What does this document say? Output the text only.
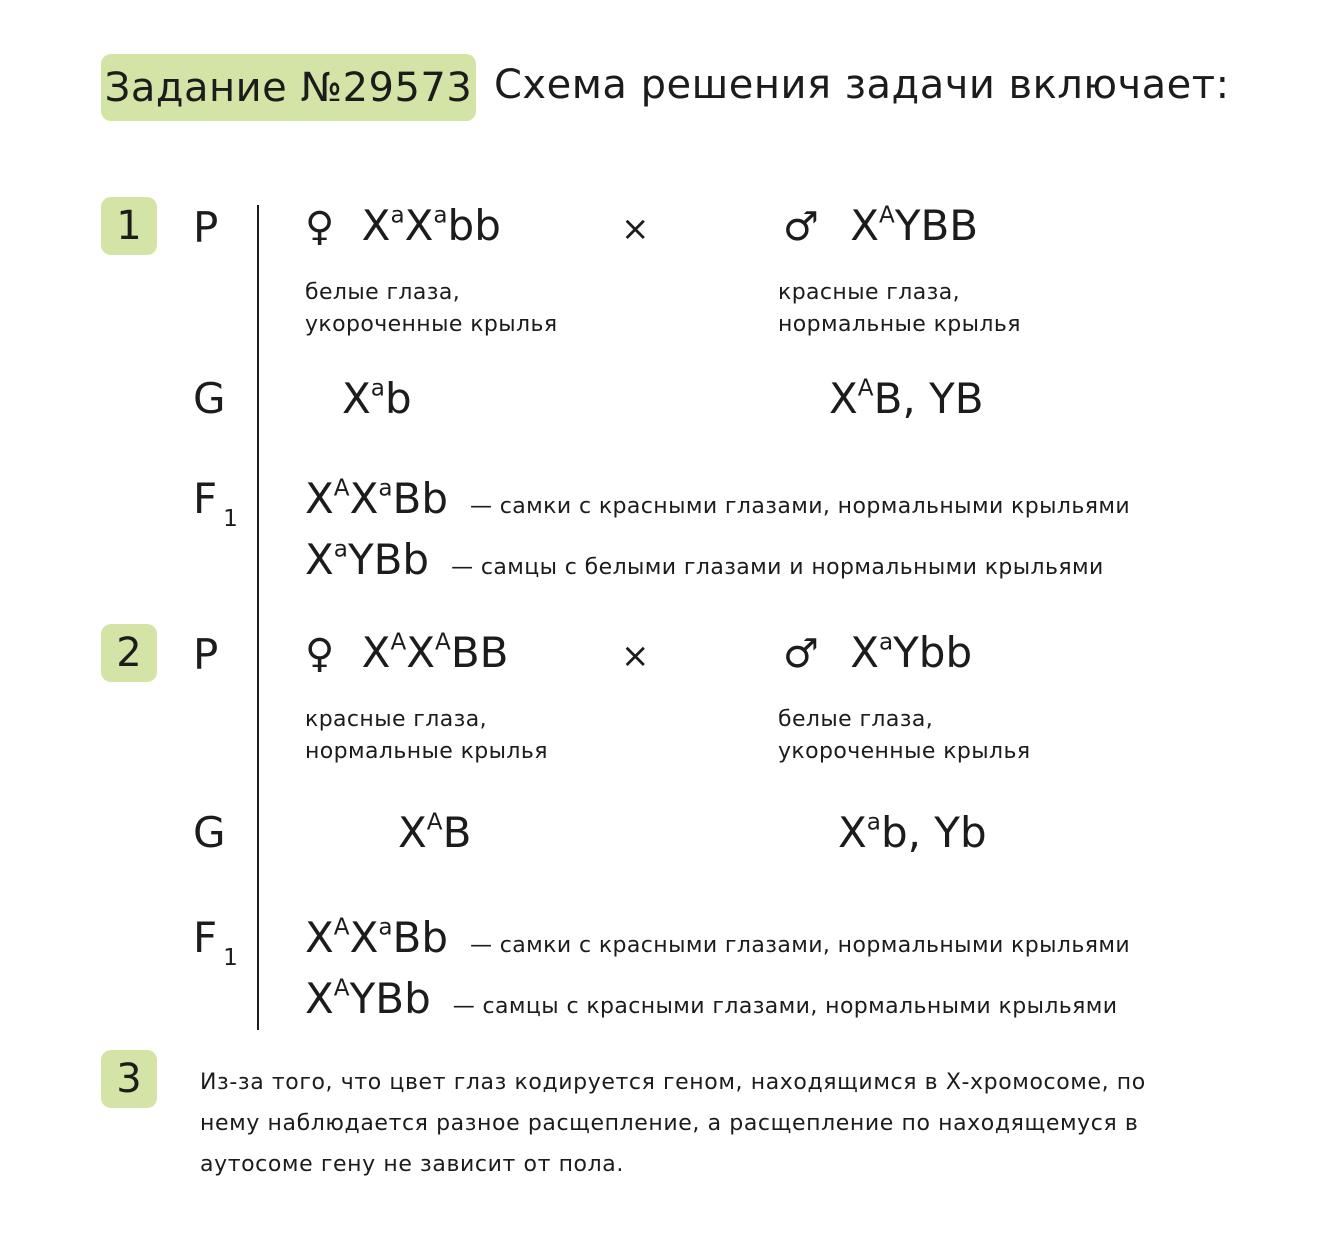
Задание №29573 Схема решения задачи включает:
1 P ♀ $X^aX^abb$	×	♂ $X^AYBB$
белые глаза,
укороченные крылья
красные глаза,
нормальные крылья
G	$X^ab$	$X^AB$, YB
F $_1$ $X^AX^aBb$ — самки с красными глазами, нормальными крыльями
$X^aYBb$ — самцы с белыми глазами и нормальными крыльями
2 P ♀ $X^AX^ABB$	×	♂ $X^aYbb$
красные глаза,
нормальные крылья
белые глаза,
укороченные крылья
G	$X^AB$	$X^ab$, Yb
F $_1$ $X^AX^aBb$ — самки с красными глазами, нормальными крыльями
$X^AYBb$ — самцы с красными глазами, нормальными крыльями
3	Из-за того, что цвет глаз кодируется геном, находящимся в Х-хромосоме, по нему наблюдается разное расщепление, а расщепление по находящемуся в аутосоме гену не зависит от пола.
